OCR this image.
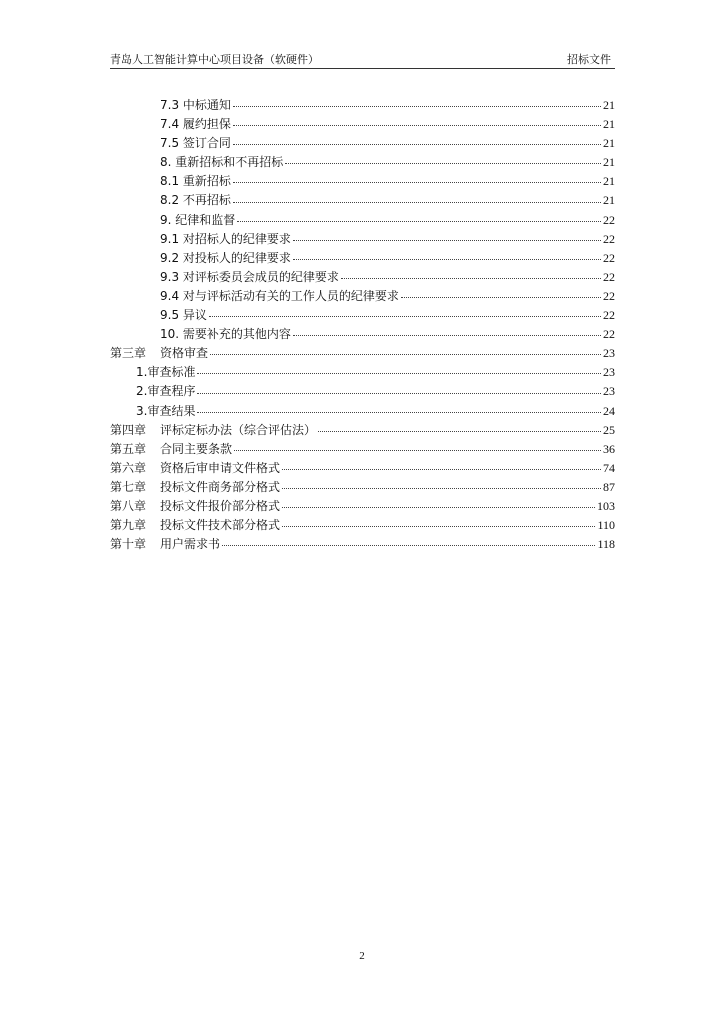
青岛人工智能计算中心项目设备（软硬件）	招标文件
7.3 中标通知	21
7.4 履约担保	21
7.5 签订合同	21
8. 重新招标和不再招标	21
8.1 重新招标	21
8.2 不再招标	21
9. 纪律和监督	22
9.1 对招标人的纪律要求	22
9.2 对投标人的纪律要求	22
9.3 对评标委员会成员的纪律要求	22
9.4 对与评标活动有关的工作人员的纪律要求	22
9.5 异议	22
10. 需要补充的其他内容	22
第三章 资格审查	23
1.审查标准	23
2.审查程序	23
3.审查结果	24
第四章 评标定标办法（综合评估法）	25
第五章 合同主要条款	36
第六章 资格后审申请文件格式	74
第七章 投标文件商务部分格式	87
第八章 投标文件报价部分格式	103
第九章 投标文件技术部分格式	110
第十章 用户需求书	118
2
